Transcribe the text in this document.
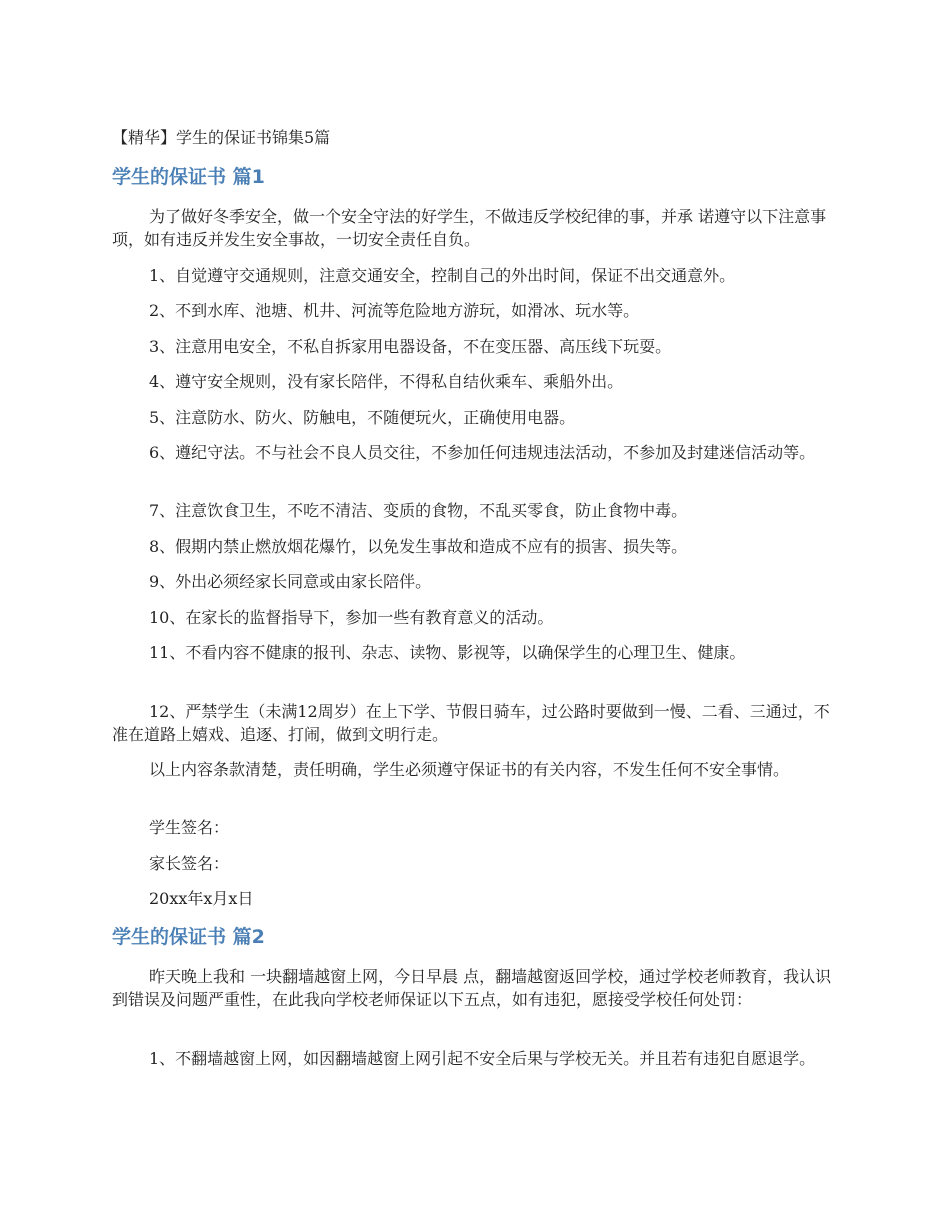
【精华】学生的保证书锦集5篇
学生的保证书 篇1
为了做好冬季安全，做一个安全守法的好学生，不做违反学校纪律的事，并承 诺遵守以下注意事项，如有违反并发生安全事故，一切安全责任自负。
1、自觉遵守交通规则，注意交通安全，控制自己的外出时间，保证不出交通意外。
2、不到水库、池塘、机井、河流等危险地方游玩，如滑冰、玩水等。
3、注意用电安全，不私自拆家用电器设备，不在变压器、高压线下玩耍。
4、遵守安全规则，没有家长陪伴，不得私自结伙乘车、乘船外出。
5、注意防水、防火、防触电，不随便玩火，正确使用电器。
6、遵纪守法。不与社会不良人员交往，不参加任何违规违法活动，不参加及封建迷信活动等。
7、注意饮食卫生，不吃不清洁、变质的食物，不乱买零食，防止食物中毒。
8、假期内禁止燃放烟花爆竹，以免发生事故和造成不应有的损害、损失等。
9、外出必须经家长同意或由家长陪伴。
10、在家长的监督指导下，参加一些有教育意义的活动。
11、不看内容不健康的报刊、杂志、读物、影视等，以确保学生的心理卫生、健康。
12、严禁学生（未满12周岁）在上下学、节假日骑车，过公路时要做到一慢、二看、三通过，不准在道路上嬉戏、追逐、打闹，做到文明行走。
以上内容条款清楚，责任明确，学生必须遵守保证书的有关内容，不发生任何不安全事情。
学生签名：
家长签名：
20xx年x月x日
学生的保证书 篇2
昨天晚上我和 一块翻墙越窗上网，今日早晨 点，翻墙越窗返回学校，通过学校老师教育，我认识到错误及问题严重性，在此我向学校老师保证以下五点，如有违犯，愿接受学校任何处罚：
1、不翻墙越窗上网，如因翻墙越窗上网引起不安全后果与学校无关。并且若有违犯自愿退学。
